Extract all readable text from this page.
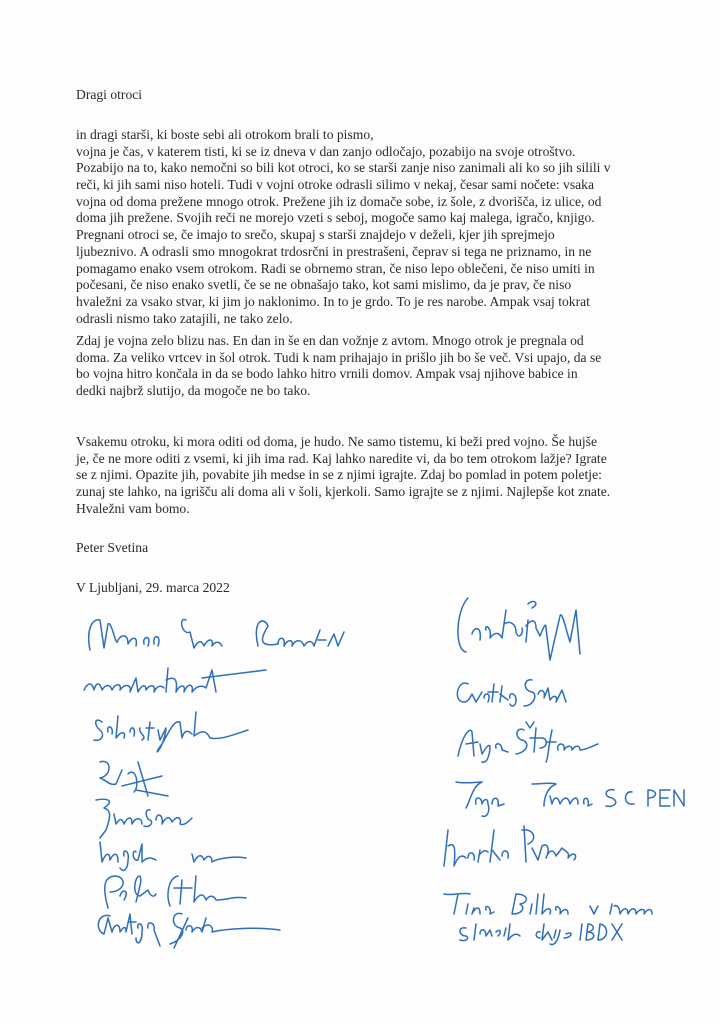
Dragi otroci
in dragi starši, ki boste sebi ali otrokom brali to pismo,
vojna je čas, v katerem tisti, ki se iz dneva v dan zanjo odločajo, pozabijo na svoje otroštvo.
Pozabijo na to, kako nemočni so bili kot otroci, ko se starši zanje niso zanimali ali ko so jih silili v
reči, ki jih sami niso hoteli. Tudi v vojni otroke odrasli silimo v nekaj, česar sami nočete: vsaka
vojna od doma prežene mnogo otrok. Prežene jih iz domače sobe, iz šole, z dvorišča, iz ulice, od
doma jih prežene. Svojih reči ne morejo vzeti s seboj, mogoče samo kaj malega, igračo, knjigo.
Pregnani otroci se, če imajo to srečo, skupaj s starši znajdejo v deželi, kjer jih sprejmejo
ljubeznivo. A odrasli smo mnogokrat trdosrčni in prestrašeni, čeprav si tega ne priznamo, in ne
pomagamo enako vsem otrokom. Radi se obrnemo stran, če niso lepo oblečeni, če niso umiti in
počesani, če niso enako svetli, če se ne obnašajo tako, kot sami mislimo, da je prav, če niso
hvaležni za vsako stvar, ki jim jo naklonimo. In to je grdo. To je res narobe. Ampak vsaj tokrat
odrasli nismo tako zatajili, ne tako zelo.
Zdaj je vojna zelo blizu nas. En dan in še en dan vožnje z avtom. Mnogo otrok je pregnala od
doma. Za veliko vrtcev in šol otrok. Tudi k nam prihajajo in prišlo jih bo še več. Vsi upajo, da se
bo vojna hitro končala in da se bodo lahko hitro vrnili domov. Ampak vsaj njihove babice in
dedki najbrž slutijo, da mogoče ne bo tako.
Vsakemu otroku, ki mora oditi od doma, je hudo. Ne samo tistemu, ki beži pred vojno. Še hujše
je, če ne more oditi z vsemi, ki jih ima rad. Kaj lahko naredite vi, da bo tem otrokom lažje? Igrate
se z njimi. Opazite jih, povabite jih medse in se z njimi igrajte. Zdaj bo pomlad in potem poletje:
zunaj ste lahko, na igrišču ali doma ali v šoli, kjerkoli. Samo igrajte se z njimi. Najlepše kot znate.
Hvaležni vam bomo.
Peter Svetina
V Ljubljani, 29. marca 2022
